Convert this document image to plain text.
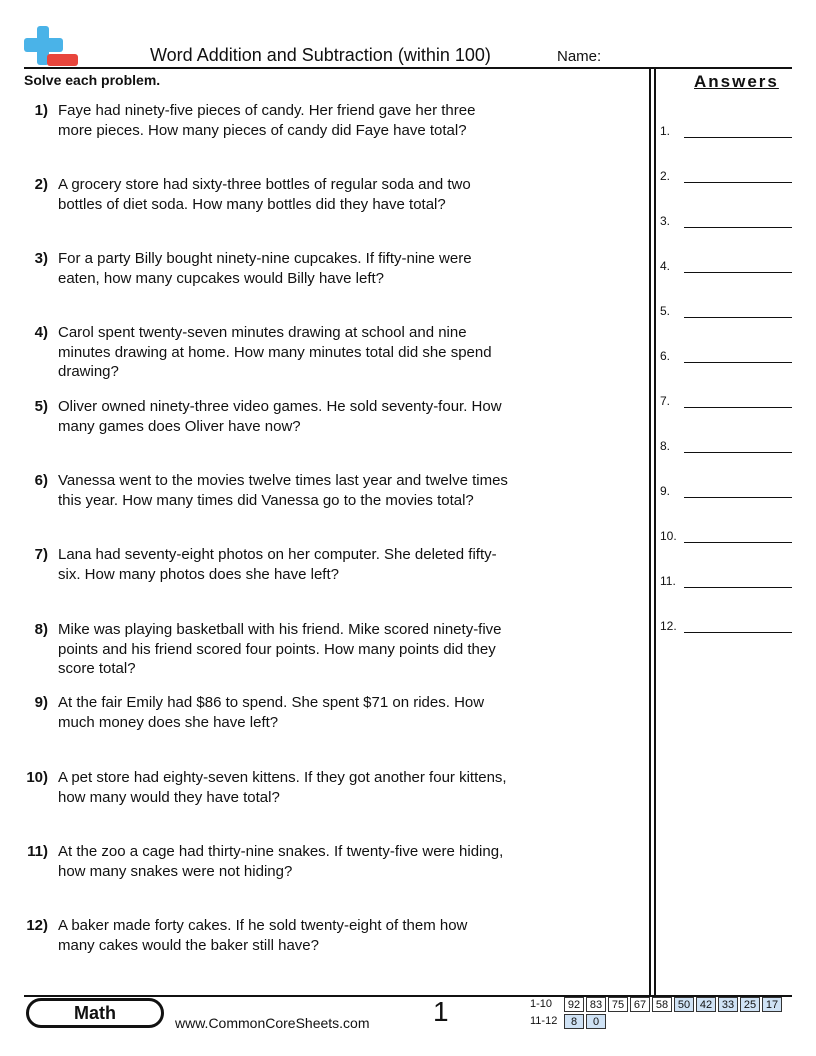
Word Addition and Subtraction (within 100)	Name:
Solve each problem.	Answers
1) Faye had ninety-five pieces of candy. Her friend gave her three more pieces. How many pieces of candy did Faye have total?
2) A grocery store had sixty-three bottles of regular soda and two bottles of diet soda. How many bottles did they have total?
3) For a party Billy bought ninety-nine cupcakes. If fifty-nine were eaten, how many cupcakes would Billy have left?
4) Carol spent twenty-seven minutes drawing at school and nine minutes drawing at home. How many minutes total did she spend drawing?
5) Oliver owned ninety-three video games. He sold seventy-four. How many games does Oliver have now?
6) Vanessa went to the movies twelve times last year and twelve times this year. How many times did Vanessa go to the movies total?
7) Lana had seventy-eight photos on her computer. She deleted fifty-six. How many photos does she have left?
8) Mike was playing basketball with his friend. Mike scored ninety-five points and his friend scored four points. How many points did they score total?
9) At the fair Emily had $86 to spend. She spent $71 on rides. How much money does she have left?
10) A pet store had eighty-seven kittens. If they got another four kittens, how many would they have total?
11) At the zoo a cage had thirty-nine snakes. If twenty-five were hiding, how many snakes were not hiding?
12) A baker made forty cakes. If he sold twenty-eight of them how many cakes would the baker still have?
1.
2.
3.
4.
5.
6.
7.
8.
9.
10.
11.
12.
Math	www.CommonCoreSheets.com 1	1-10	92 83 75 67 58 50 42 33 25 17
11-12	8	0
